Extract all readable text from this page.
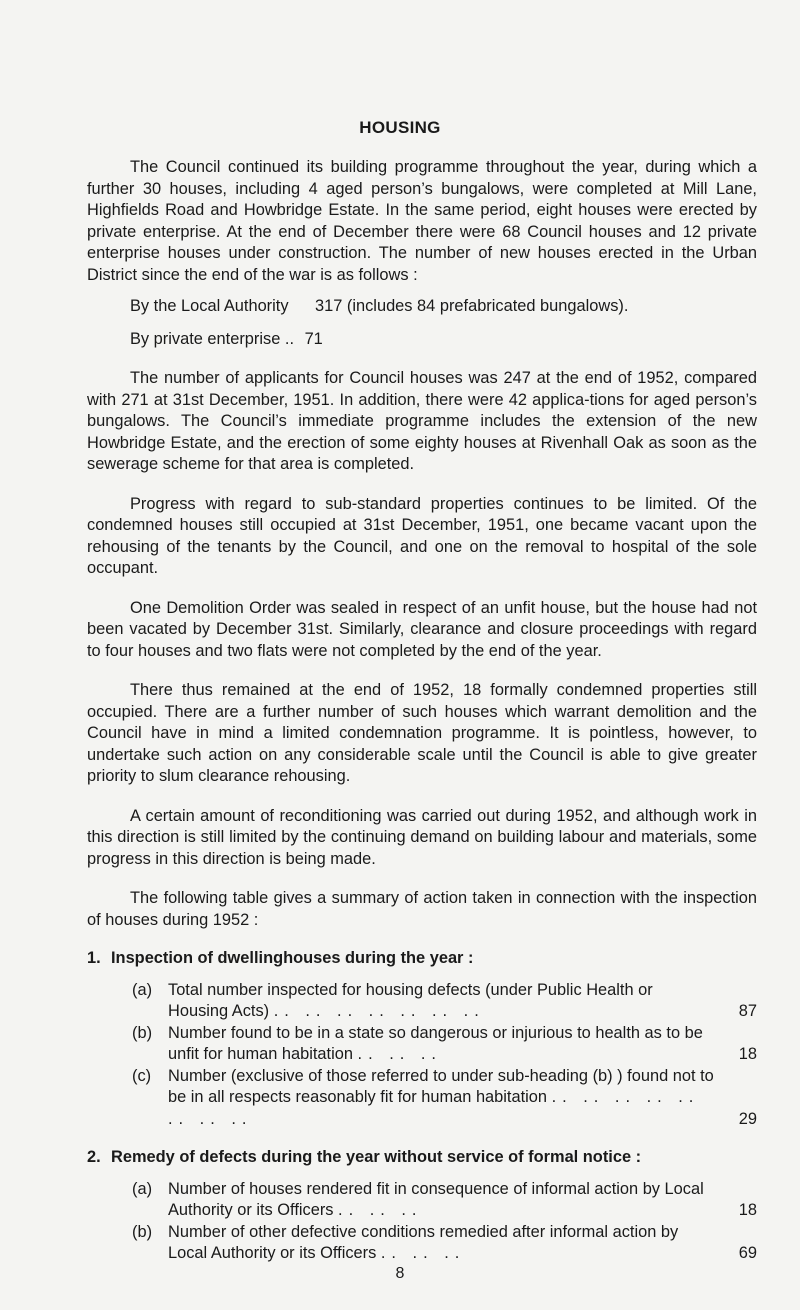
HOUSING

The Council continued its building programme throughout the year, during which a further 30 houses, including 4 aged person’s bungalows, were completed at Mill Lane, Highfields Road and Howbridge Estate. In the same period, eight houses were erected by private enterprise. At the end of December there were 68 Council houses and 12 private enterprise houses under construction. The number of new houses erected in the Urban District since the end of the war is as follows :

By the Local Authority 317 (includes 84 prefabricated bungalows).
By private enterprise .. 71

The number of applicants for Council houses was 247 at the end of 1952, compared with 271 at 31st December, 1951. In addition, there were 42 applica-tions for aged person’s bungalows. The Council’s immediate programme includes the extension of the new Howbridge Estate, and the erection of some eighty houses at Rivenhall Oak as soon as the sewerage scheme for that area is completed.

Progress with regard to sub-standard properties continues to be limited. Of the condemned houses still occupied at 31st December, 1951, one became vacant upon the rehousing of the tenants by the Council, and one on the removal to hospital of the sole occupant.

One Demolition Order was sealed in respect of an unfit house, but the house had not been vacated by December 31st. Similarly, clearance and closure proceedings with regard to four houses and two flats were not completed by the end of the year.

There thus remained at the end of 1952, 18 formally condemned properties still occupied. There are a further number of such houses which warrant demolition and the Council have in mind a limited condemnation programme. It is pointless, however, to undertake such action on any considerable scale until the Council is able to give greater priority to slum clearance rehousing.

A certain amount of reconditioning was carried out during 1952, and although work in this direction is still limited by the continuing demand on building labour and materials, some progress in this direction is being made.

The following table gives a summary of action taken in connection with the inspection of houses during 1952 :

1. Inspection of dwellinghouses during the year :
(a) Total number inspected for housing defects (under Public Health or Housing Acts) .. .. .. .. .. .. ..	87
(b) Number found to be in a state so dangerous or injurious to health as to be unfit for human habitation .. .. ..	18
(c)	Number (exclusive of those referred to under sub-heading (b) ) found not to be in all respects reasonably fit for human habitation .. .. .. .. .. .. .. ..	29
2. Remedy of defects during the year without service of formal notice :
(a) Number of houses rendered fit in consequence of informal action by Local Authority or its Officers .. .. ..	18
(b) Number of other defective conditions remedied after informal action by Local Authority or its Officers .. .. ..	69
8
